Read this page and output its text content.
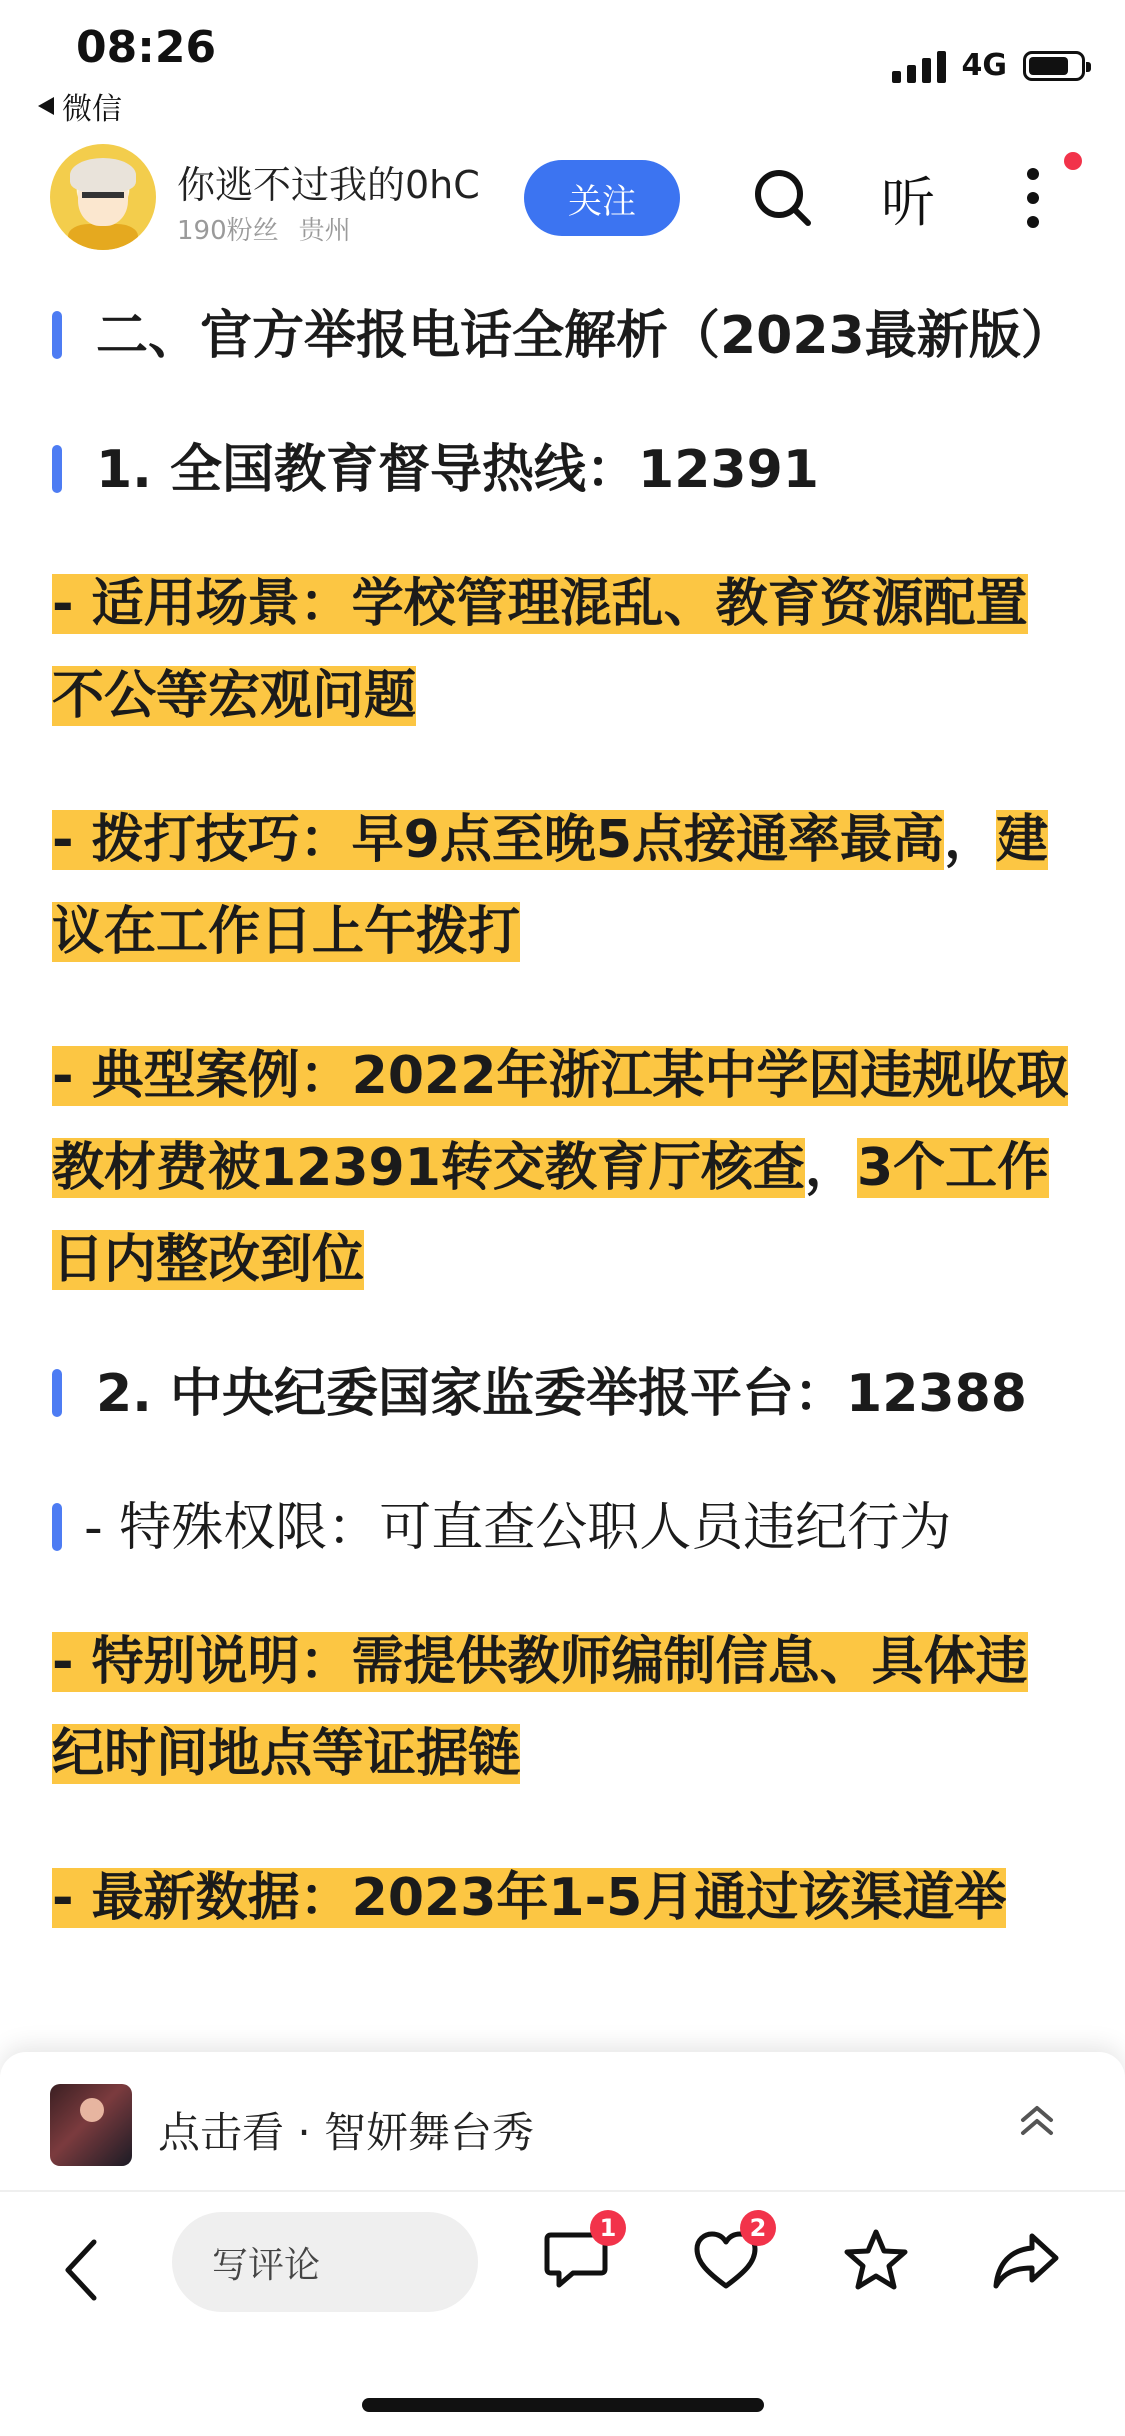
08:26
微信
4G
你逃不过我的0hC
190粉丝 贵州
关注	听

二、官方举报电话全解析（2023最新版）

1. 全国教育督导热线：12391

- 适用场景：学校管理混乱、教育资源配置不公等宏观问题

- 拨打技巧：早9点至晚5点接通率最高，建议在工作日上午拨打

- 典型案例：2022年浙江某中学因违规收取教材费被12391转交教育厅核查，3个工作日内整改到位

2. 中央纪委国家监委举报平台：12388

- 特殊权限：可直查公职人员违纪行为

- 特别说明：需提供教师编制信息、具体违纪时间地点等证据链

- 最新数据：2023年1-5月通过该渠道举

点击看 · 智妍舞台秀
写评论
1	2
